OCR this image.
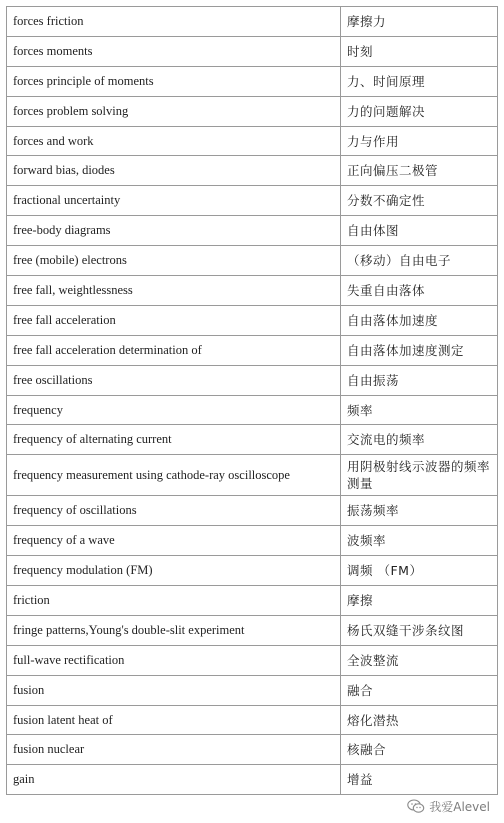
forces friction	摩擦力
forces moments	时刻
forces principle of moments	力、时间原理
forces problem solving	力的问题解决
forces and work	力与作用
forward bias, diodes	正向偏压二极管
fractional uncertainty	分数不确定性
free-body diagrams	自由体图
free (mobile) electrons	（移动）自由电子
free fall, weightlessness	失重自由落体
free fall acceleration	自由落体加速度
free fall acceleration determination of	自由落体加速度测定
free oscillations	自由振荡
frequency	频率
frequency of alternating current	交流电的频率
frequency measurement using cathode-ray oscilloscope	用阴极射线示波器的频率测量
frequency of oscillations	振荡频率
frequency of a wave	波频率
frequency modulation (FM)	调频 （FM）
friction	摩擦
fringe patterns,Young's double-slit experiment	杨氏双缝干涉条纹图
full-wave rectification	全波整流
fusion	融合
fusion latent heat of	熔化潜热
fusion nuclear	核融合
gain	增益
我爱Alevel
